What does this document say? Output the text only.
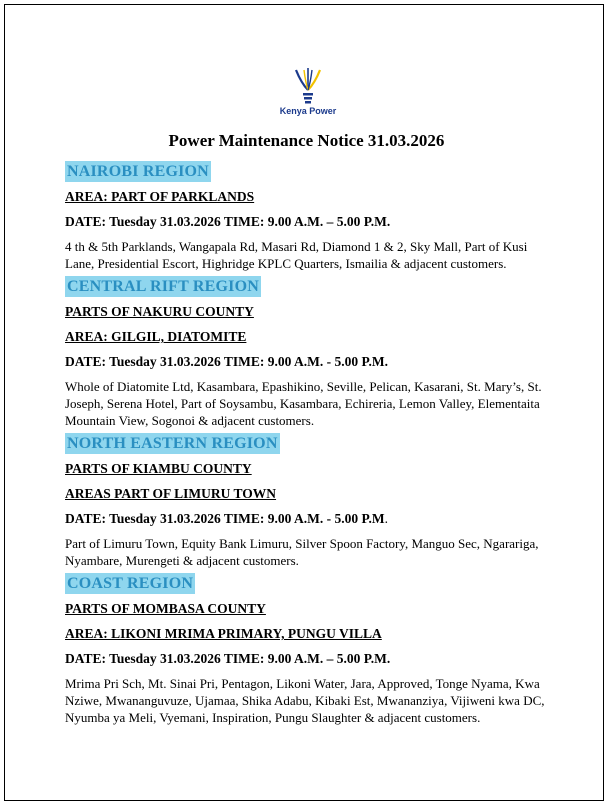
Kenya Power
Power Maintenance Notice 31.03.2026
NAIROBI REGION
AREA: PART OF PARKLANDS
DATE: Tuesday 31.03.2026 TIME: 9.00 A.M. – 5.00 P.M.
4 th & 5th Parklands, Wangapala Rd, Masari Rd, Diamond 1 & 2, Sky Mall, Part of Kusi Lane, Presidential Escort, Highridge KPLC Quarters, Ismailia & adjacent customers.
CENTRAL RIFT REGION
PARTS OF NAKURU COUNTY
AREA: GILGIL, DIATOMITE
DATE: Tuesday 31.03.2026 TIME: 9.00 A.M. - 5.00 P.M.
Whole of Diatomite Ltd, Kasambara, Epashikino, Seville, Pelican, Kasarani, St. Mary’s, St. Joseph, Serena Hotel, Part of Soysambu, Kasambara, Echireria, Lemon Valley, Elementaita Mountain View, Sogonoi & adjacent customers.
NORTH EASTERN REGION
PARTS OF KIAMBU COUNTY
AREAS PART OF LIMURU TOWN
DATE: Tuesday 31.03.2026 TIME: 9.00 A.M. - 5.00 P.M.
Part of Limuru Town, Equity Bank Limuru, Silver Spoon Factory, Manguo Sec, Ngarariga, Nyambare, Murengeti & adjacent customers.
COAST REGION
PARTS OF MOMBASA COUNTY
AREA: LIKONI MRIMA PRIMARY, PUNGU VILLA
DATE: Tuesday 31.03.2026 TIME: 9.00 A.M. – 5.00 P.M.
Mrima Pri Sch, Mt. Sinai Pri, Pentagon, Likoni Water, Jara, Approved, Tonge Nyama, Kwa Nziwe, Mwananguvuze, Ujamaa, Shika Adabu, Kibaki Est, Mwananziya, Vijiweni kwa DC, Nyumba ya Meli, Vyemani, Inspiration, Pungu Slaughter & adjacent customers.
